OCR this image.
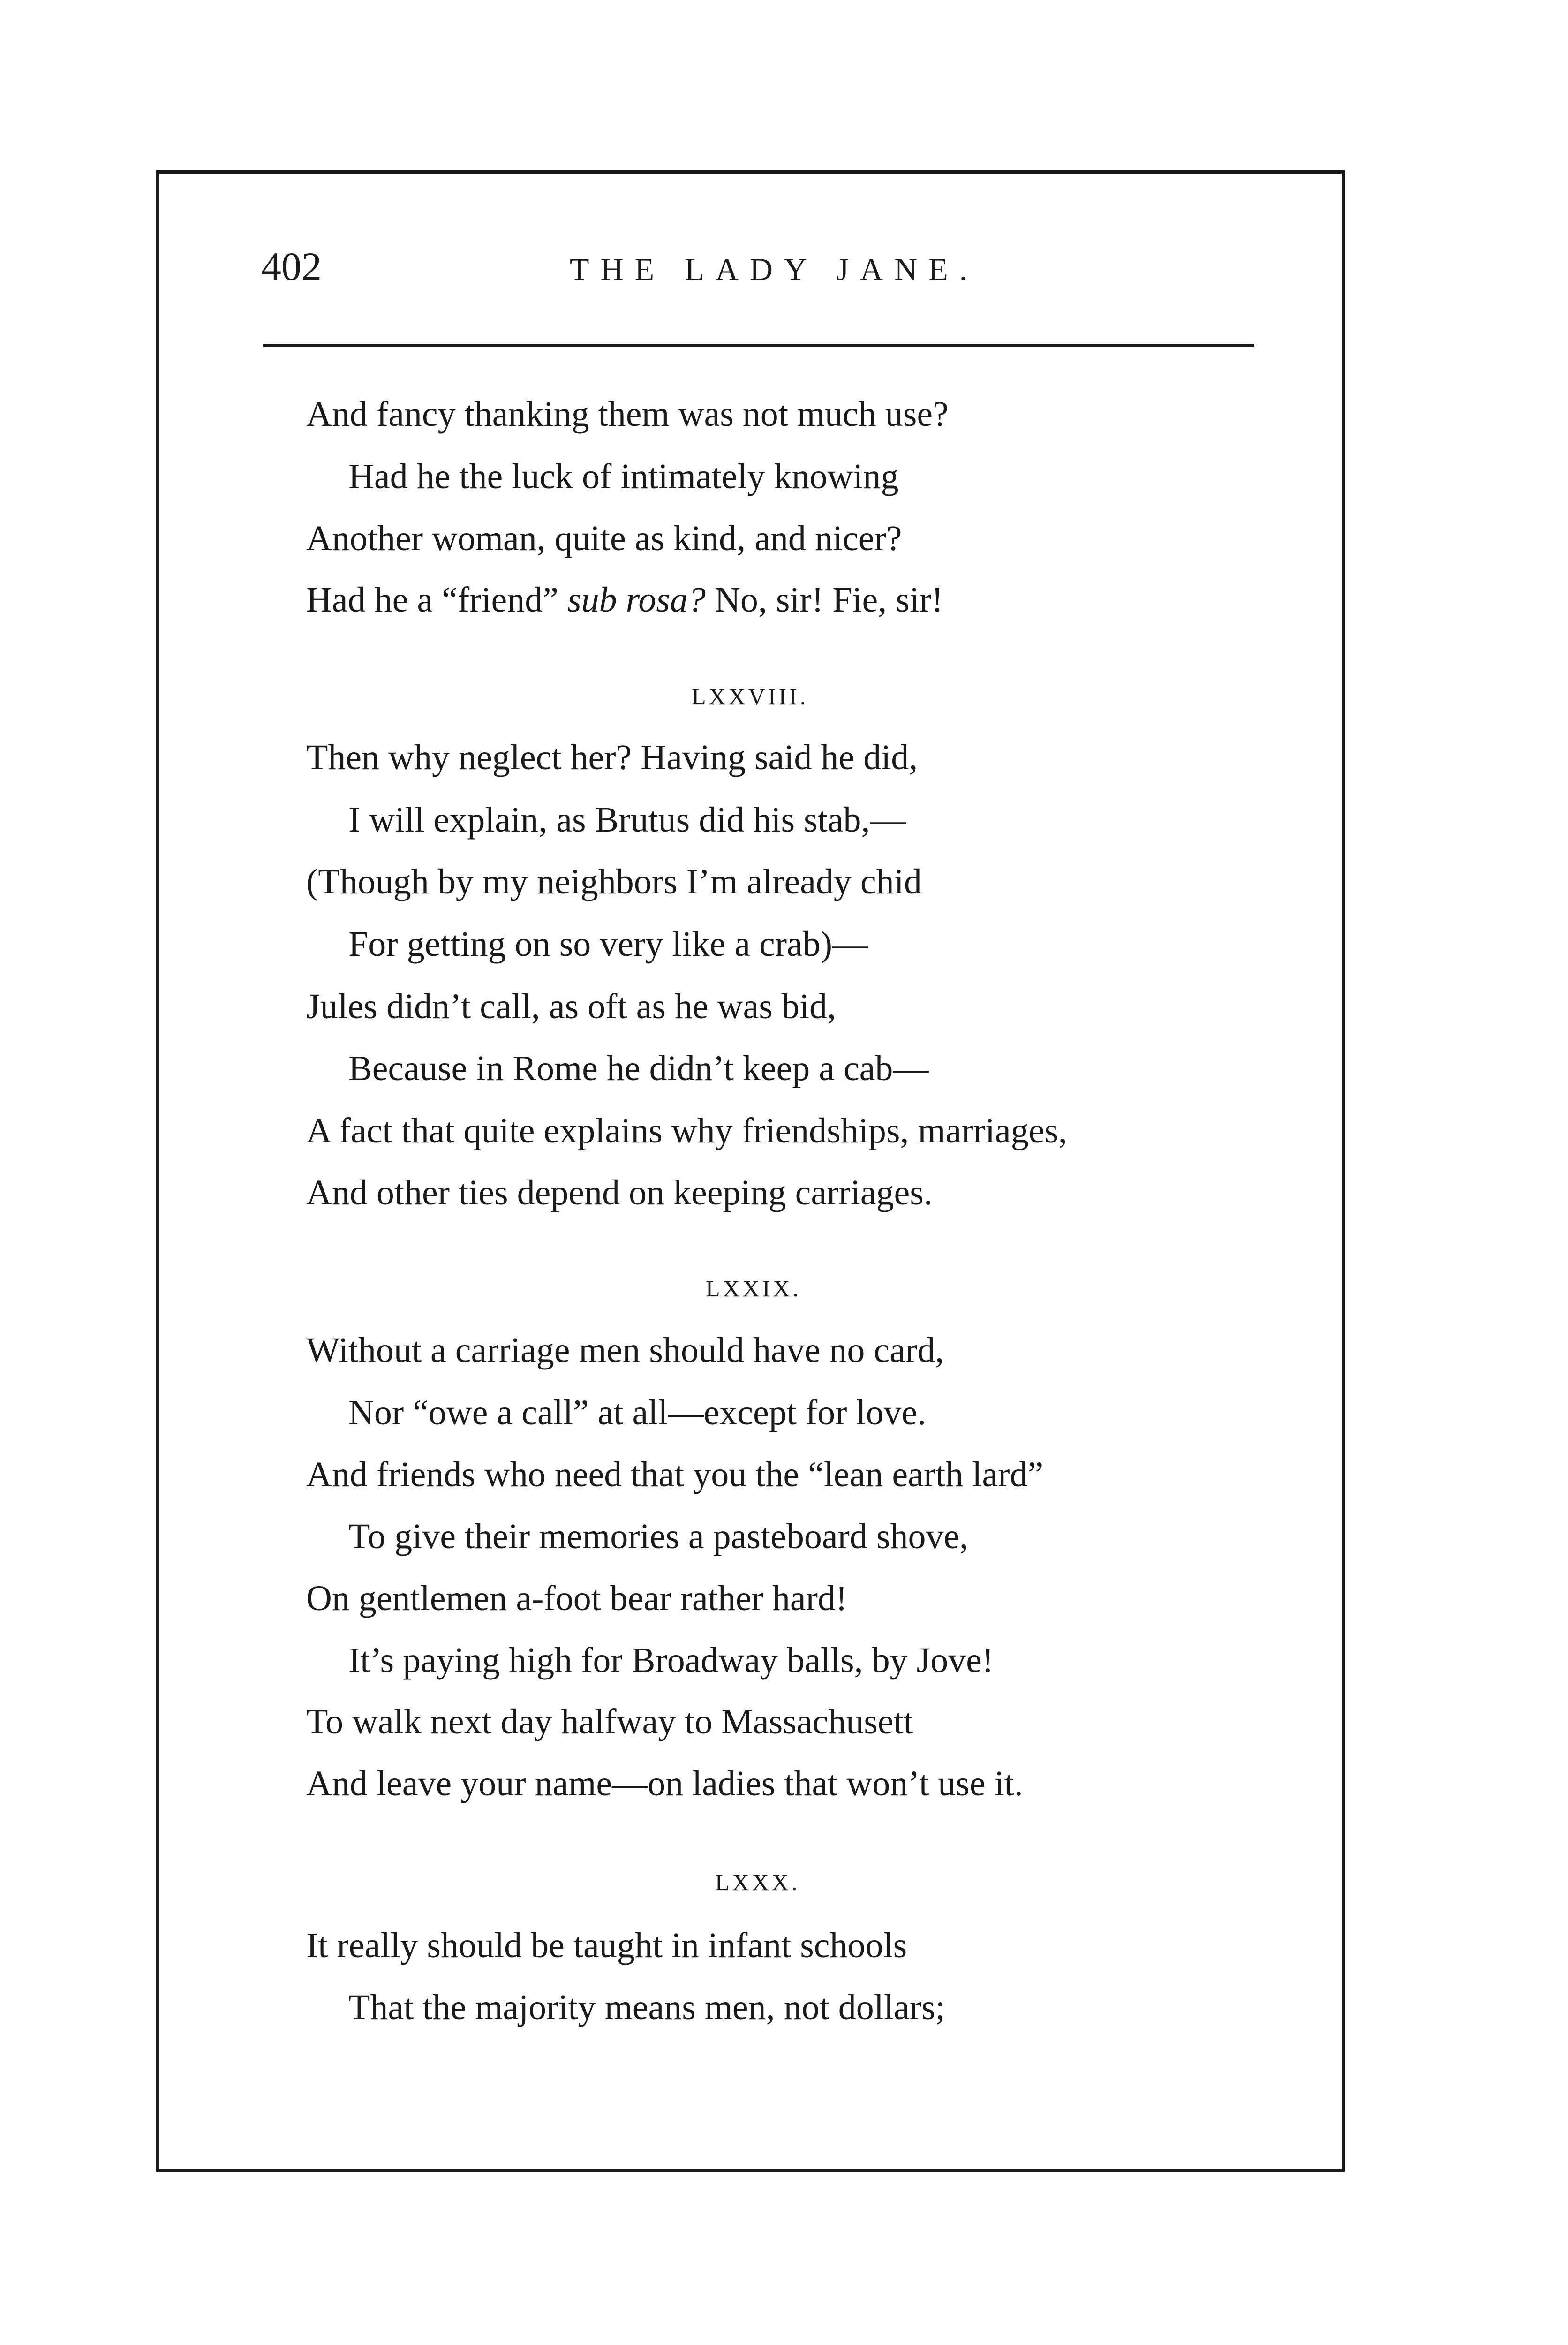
402	THE LADY JANE.
And fancy thanking them was not much use?
Had he the luck of intimately knowing
Another woman, quite as kind, and nicer?
Had he a “friend” sub rosa? No, sir! Fie, sir!
LXXVIII.
Then why neglect her? Having said he did,
I will explain, as Brutus did his stab,—
(Though by my neighbors I’m already chid
For getting on so very like a crab)—
Jules didn’t call, as oft as he was bid,
Because in Rome he didn’t keep a cab—
A fact that quite explains why friendships, marriages,
And other ties depend on keeping carriages.
LXXIX.
Without a carriage men should have no card,
Nor “owe a call” at all—except for love.
And friends who need that you the “lean earth lard”
To give their memories a pasteboard shove,
On gentlemen a-foot bear rather hard!
It’s paying high for Broadway balls, by Jove!
To walk next day halfway to Massachusett
And leave your name—on ladies that won’t use it.
LXXX.
It really should be taught in infant schools
That the majority means men, not dollars;
